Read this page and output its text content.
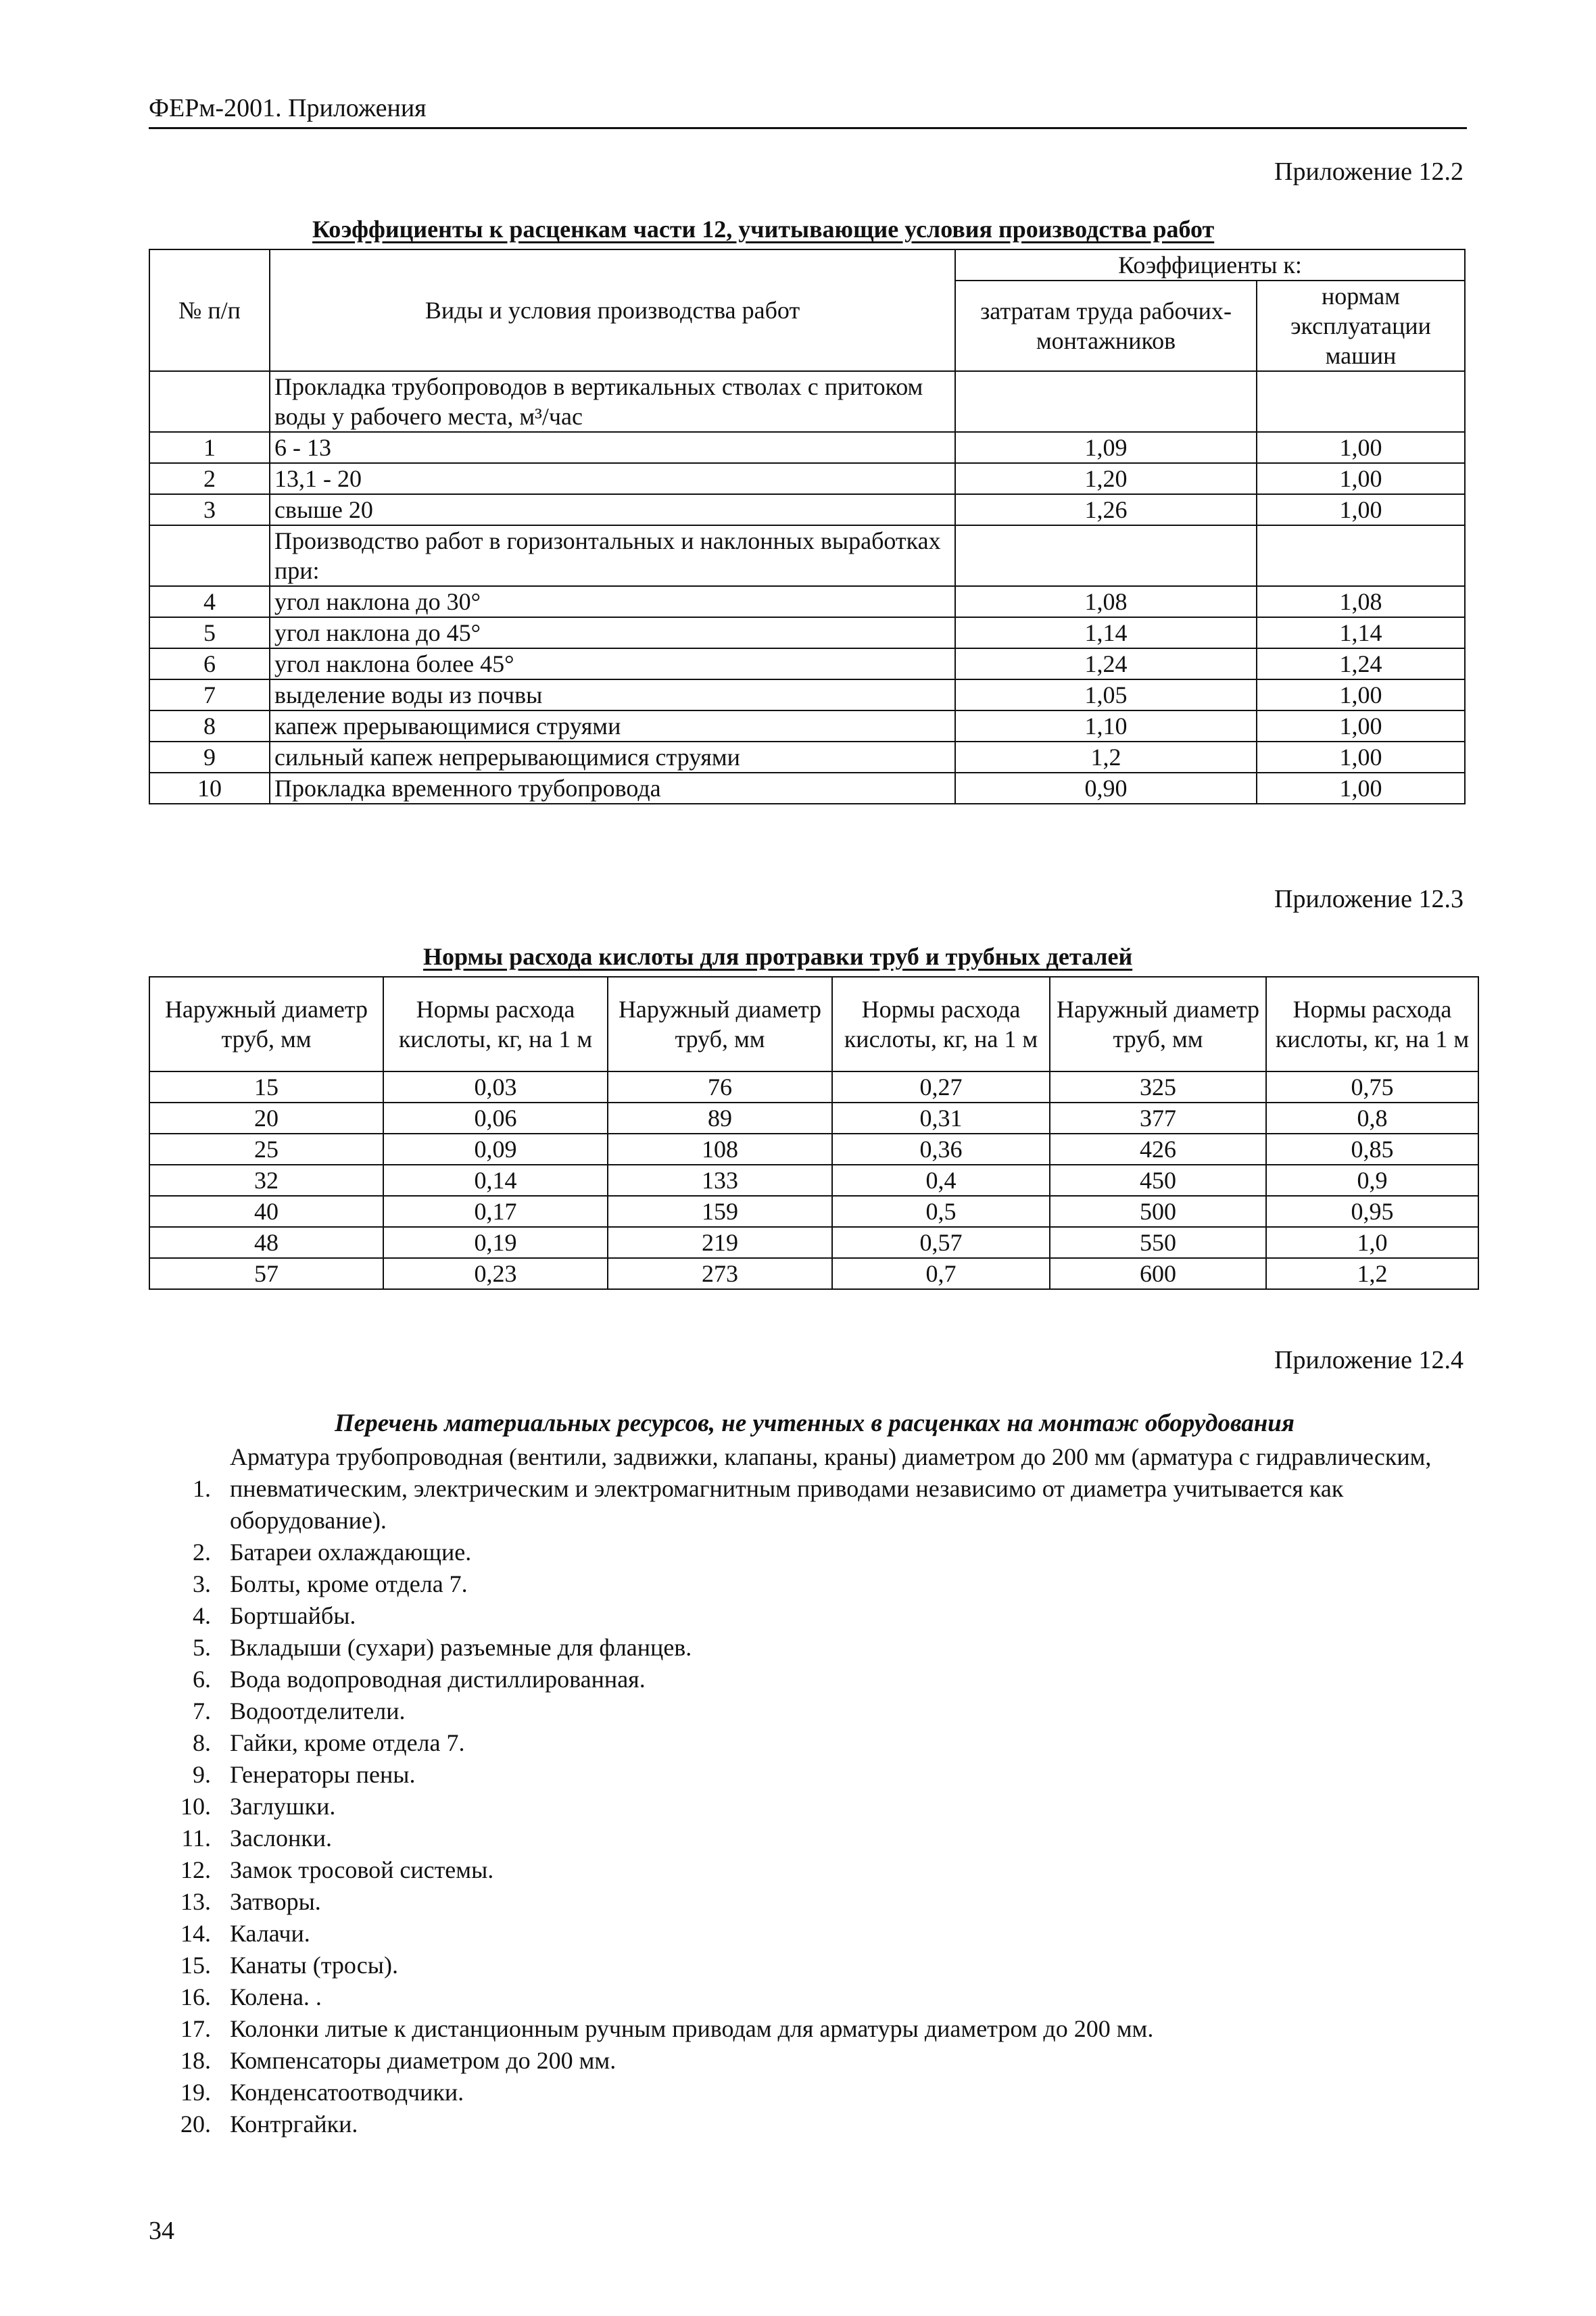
ФЕРм-2001. Приложения
Приложение 12.2
Коэффициенты к расценкам части 12, учитывающие условия производства работ
№ п/п	Виды и условия производства работ	Коэффициенты к:	
		затратам труда рабочих-монтажников	нормам эксплуатации машин
	Прокладка трубопроводов в вертикальных стволах с притоком воды у рабочего места, м³/час		
1	6 - 13	1,09	1,00
2	13,1 - 20	1,20	1,00
3	свыше 20	1,26	1,00
	Производство работ в горизонтальных и наклонных выработках при:		
4	угол наклона до 30°	1,08	1,08
5	угол наклона до 45°	1,14	1,14
6	угол наклона более 45°	1,24	1,24
7	выделение воды из почвы	1,05	1,00
8	капеж прерывающимися струями	1,10	1,00
9	сильный капеж непрерывающимися струями	1,2	1,00
10	Прокладка временного трубопровода	0,90	1,00
Приложение 12.3
Нормы расхода кислоты для протравки труб и трубных деталей
Наружный диаметр труб, мм	Нормы расхода кислоты, кг, на 1 м	Наружный диаметр труб, мм	Нормы расхода кислоты, кг, на 1 м	Наружный диаметр труб, мм	Нормы расхода кислоты, кг, на 1 м
15	0,03	76	0,27	325	0,75
20	0,06	89	0,31	377	0,8
25	0,09	108	0,36	426	0,85
32	0,14	133	0,4	450	0,9
40	0,17	159	0,5	500	0,95
48	0,19	219	0,57	550	1,0
57	0,23	273	0,7	600	1,2
Приложение 12.4
Перечень материальных ресурсов, не учтенных в расценках на монтаж оборудования
1.
Арматура трубопроводная (вентили, задвижки, клапаны, краны) диаметром до 200 мм (арматура с гидравлическим, пневматическим, электрическим и электромагнитным приводами независимо от диаметра учитывается как оборудование).
2. Батареи охлаждающие.
3. Болты, кроме отдела 7.
4. Бортшайбы.
5. Вкладыши (сухари) разъемные для фланцев.
6. Вода водопроводная дистиллированная.
7. Водоотделители.
8. Гайки, кроме отдела 7.
9. Генераторы пены.
10. Заглушки.
11. Заслонки.
12. Замок тросовой системы.
13. Затворы.
14. Калачи.
15. Канаты (тросы).
16. Колена. .
17. Колонки литые к дистанционным ручным приводам для арматуры диаметром до 200 мм.
18. Компенсаторы диаметром до 200 мм.
19. Конденсатоотводчики.
20. Контргайки.
34
